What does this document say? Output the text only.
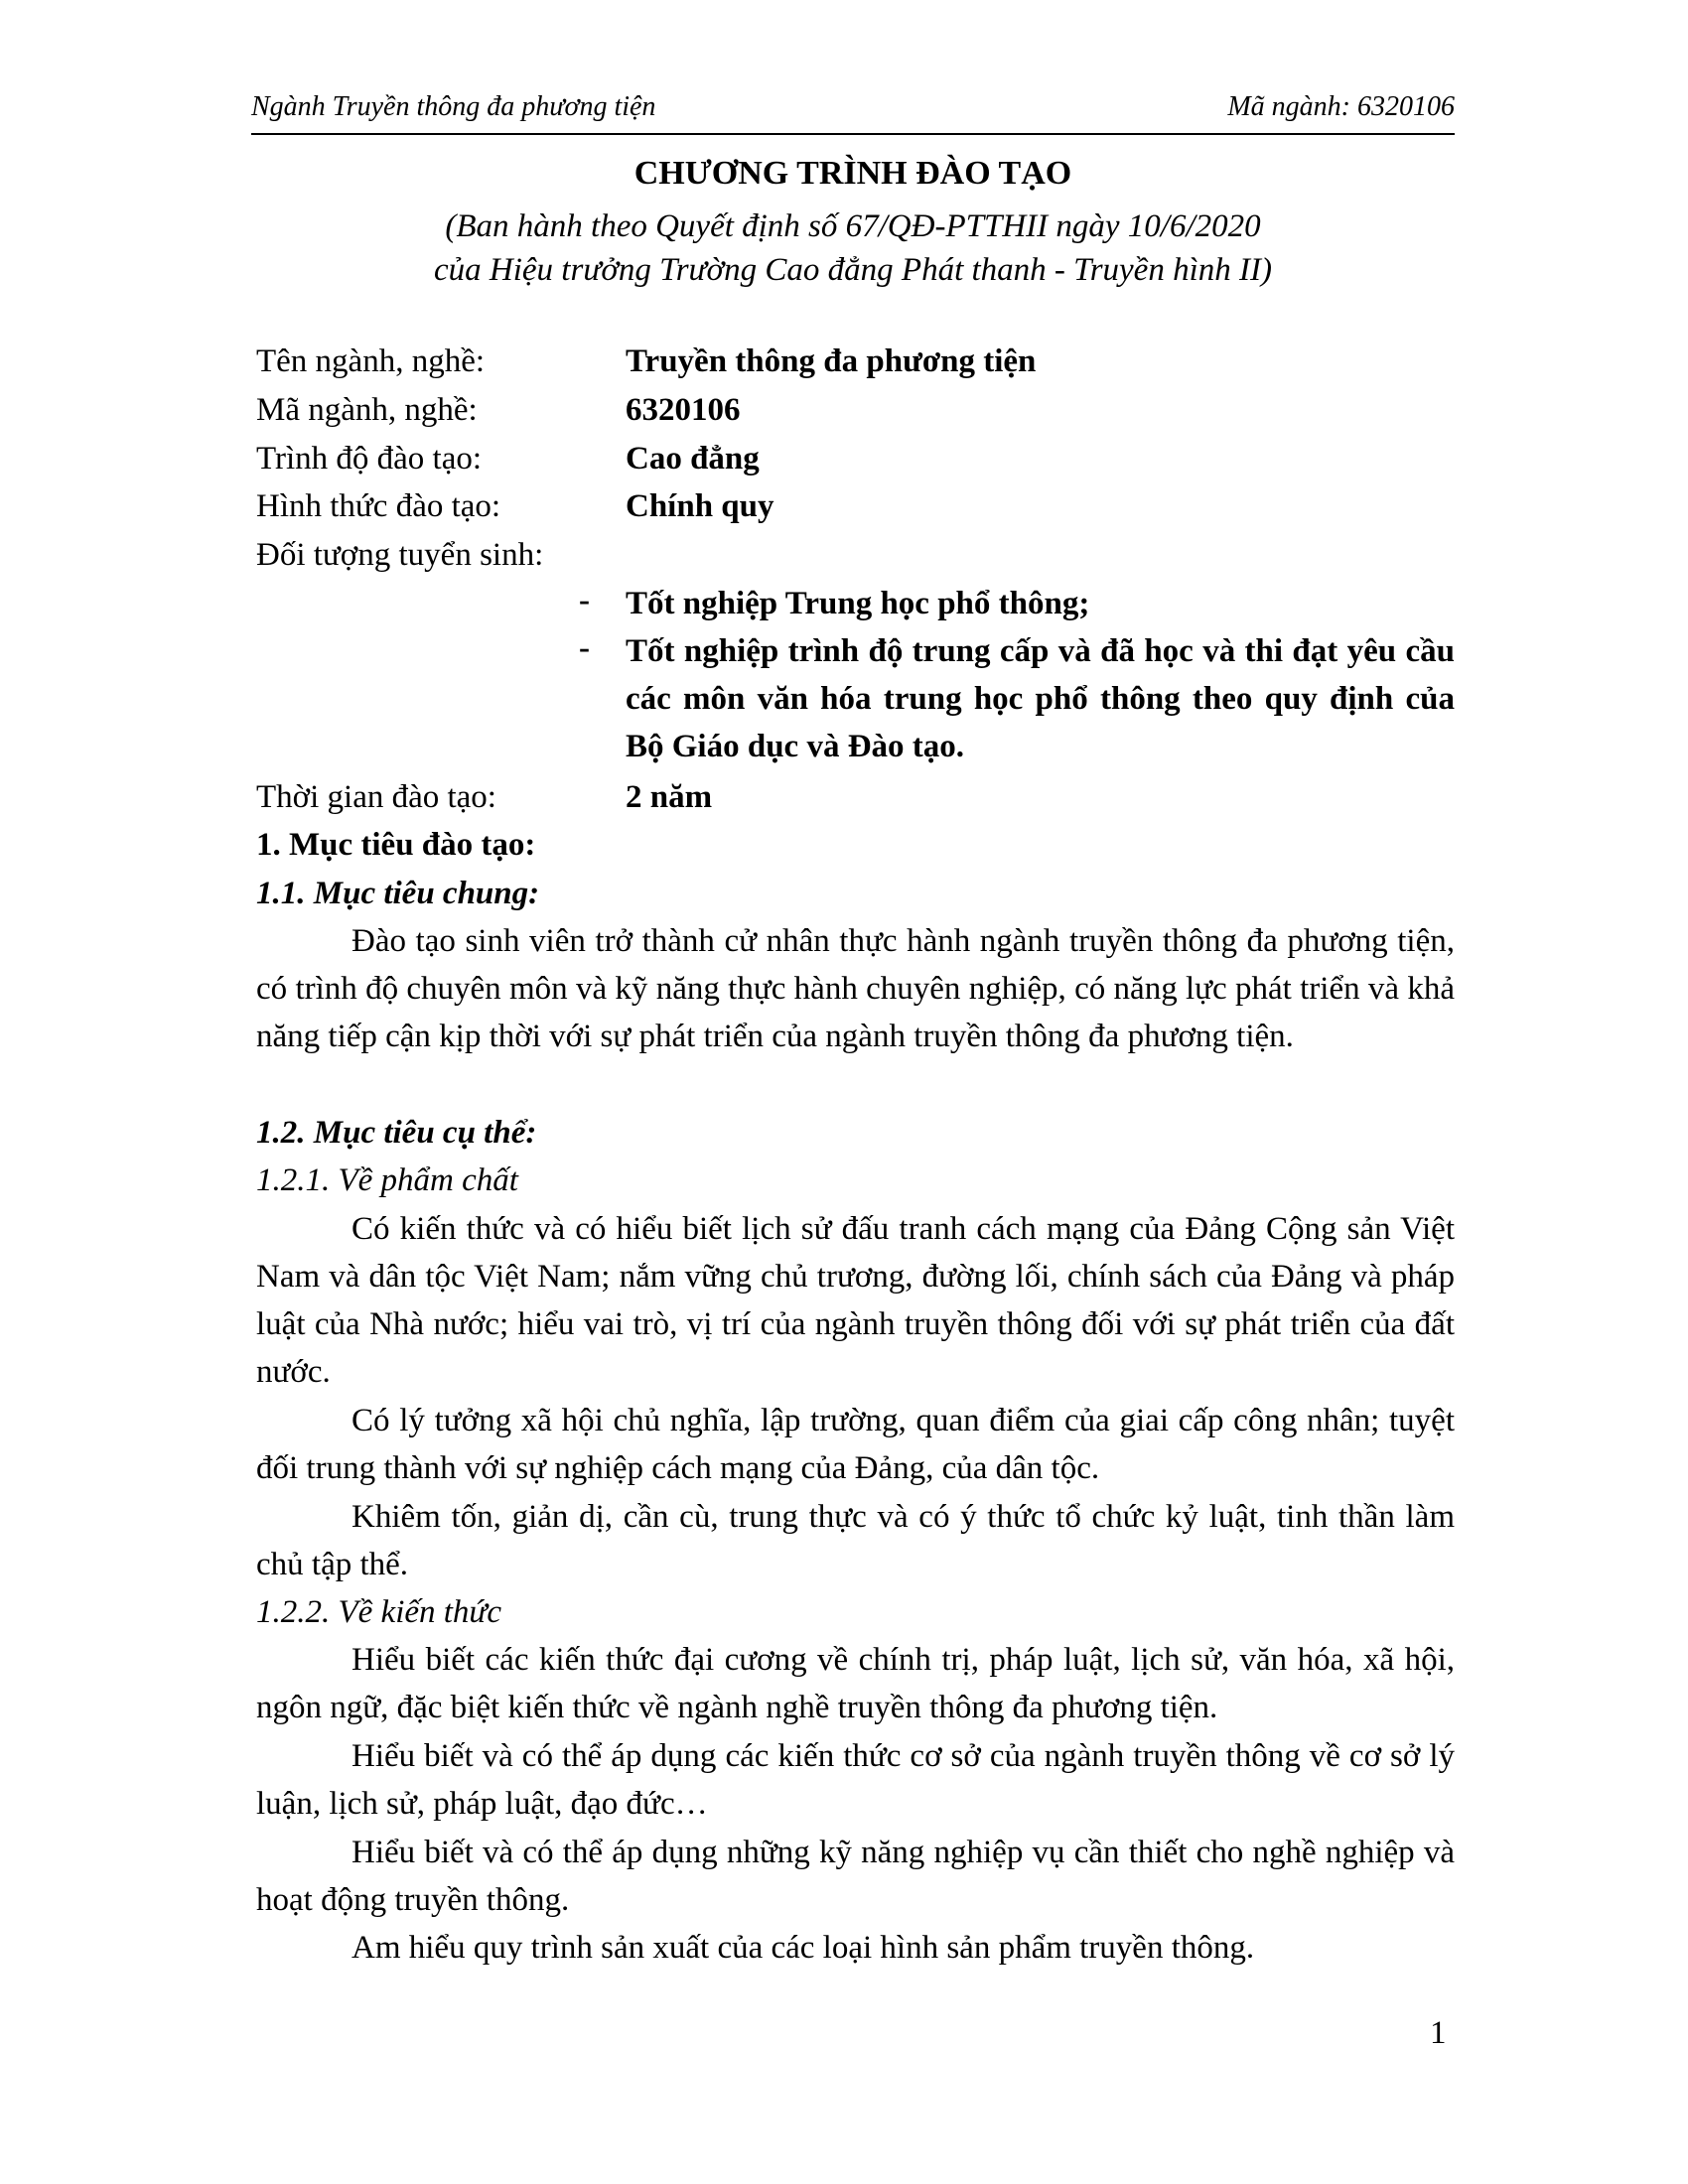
Ngành Truyền thông đa phương tiện	Mã ngành: 6320106
CHƯƠNG TRÌNH ĐÀO TẠO
(Ban hành theo Quyết định số 67/QĐ-PTTHII ngày 10/6/2020
của Hiệu trưởng Trường Cao đẳng Phát thanh - Truyền hình II)
Tên ngành, nghề:	Truyền thông đa phương tiện
Mã ngành, nghề:	6320106
Trình độ đào tạo:	Cao đẳng
Hình thức đào tạo:	Chính quy
Đối tượng tuyển sinh:
- Tốt nghiệp Trung học phổ thông;
- Tốt nghiệp trình độ trung cấp và đã học và thi đạt yêu cầu các môn văn hóa trung học phổ thông theo quy định của Bộ Giáo dục và Đào tạo.
Thời gian đào tạo:	2 năm
1. Mục tiêu đào tạo:
1.1. Mục tiêu chung:
Đào tạo sinh viên trở thành cử nhân thực hành ngành truyền thông đa phương tiện, có trình độ chuyên môn và kỹ năng thực hành chuyên nghiệp, có năng lực phát triển và khả năng tiếp cận kịp thời với sự phát triển của ngành truyền thông đa phương tiện.
1.2. Mục tiêu cụ thể:
1.2.1. Về phẩm chất
Có kiến thức và có hiểu biết lịch sử đấu tranh cách mạng của Đảng Cộng sản Việt Nam và dân tộc Việt Nam; nắm vững chủ trương, đường lối, chính sách của Đảng và pháp luật của Nhà nước; hiểu vai trò, vị trí của ngành truyền thông đối với sự phát triển của đất nước.
Có lý tưởng xã hội chủ nghĩa, lập trường, quan điểm của giai cấp công nhân; tuyệt đối trung thành với sự nghiệp cách mạng của Đảng, của dân tộc.
Khiêm tốn, giản dị, cần cù, trung thực và có ý thức tổ chức kỷ luật, tinh thần làm chủ tập thể.
1.2.2. Về kiến thức
Hiểu biết các kiến thức đại cương về chính trị, pháp luật, lịch sử, văn hóa, xã hội, ngôn ngữ, đặc biệt kiến thức về ngành nghề truyền thông đa phương tiện.
Hiểu biết và có thể áp dụng các kiến thức cơ sở của ngành truyền thông về cơ sở lý luận, lịch sử, pháp luật, đạo đức…
Hiểu biết và có thể áp dụng những kỹ năng nghiệp vụ cần thiết cho nghề nghiệp và hoạt động truyền thông.
Am hiểu quy trình sản xuất của các loại hình sản phẩm truyền thông.
1
